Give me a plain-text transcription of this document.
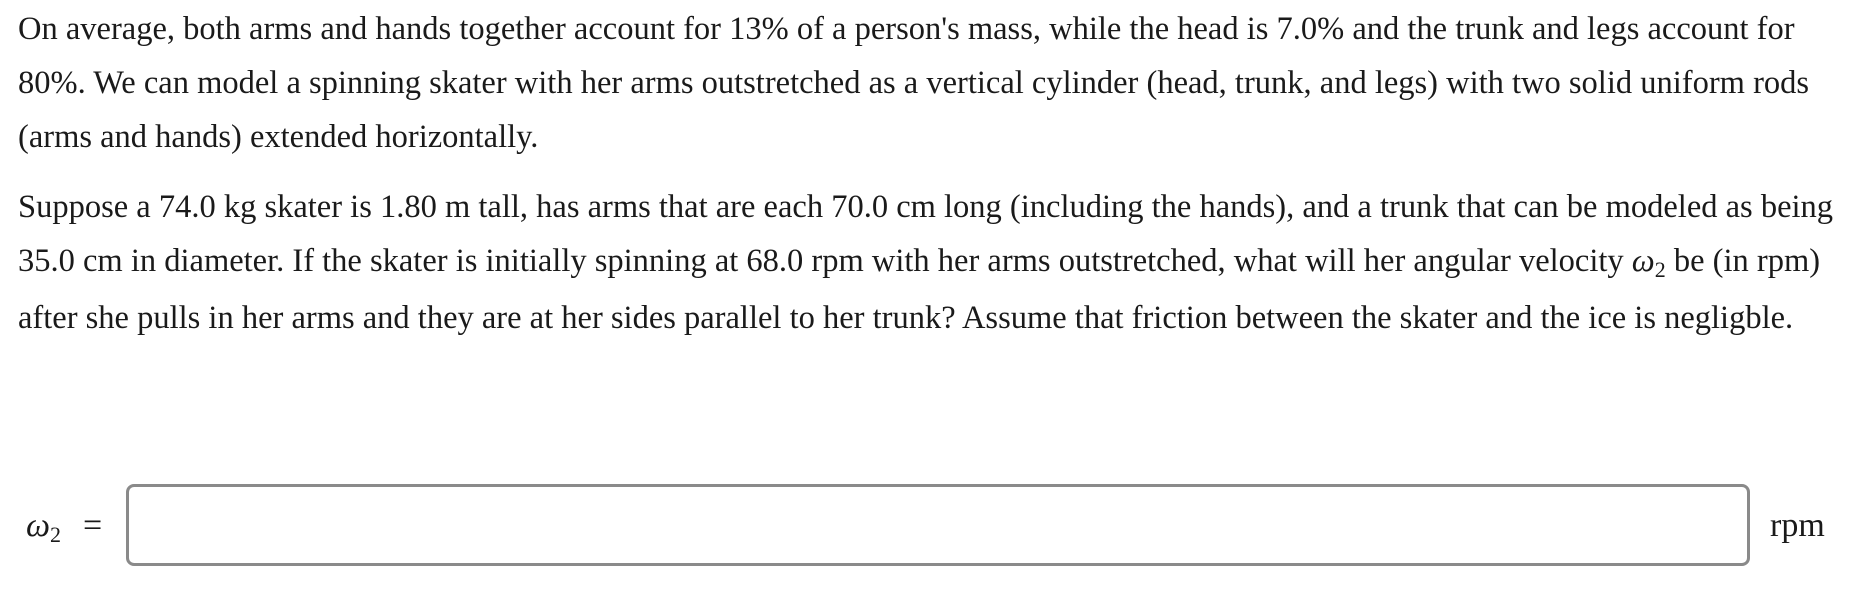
On average, both arms and hands together account for 13% of a person's mass, while the head is 7.0% and the trunk and legs account for 80%. We can model a spinning skater with her arms outstretched as a vertical cylinder (head, trunk, and legs) with two solid uniform rods (arms and hands) extended horizontally.

Suppose a 74.0 kg skater is 1.80 m tall, has arms that are each 70.0 cm long (including the hands), and a trunk that can be modeled as being 35.0 cm in diameter. If the skater is initially spinning at 68.0 rpm with her arms outstretched, what will her angular velocity ω2 be (in rpm) after she pulls in her arms and they are at her sides parallel to her trunk? Assume that friction between the skater and the ice is negligble.

ω2 =	rpm
